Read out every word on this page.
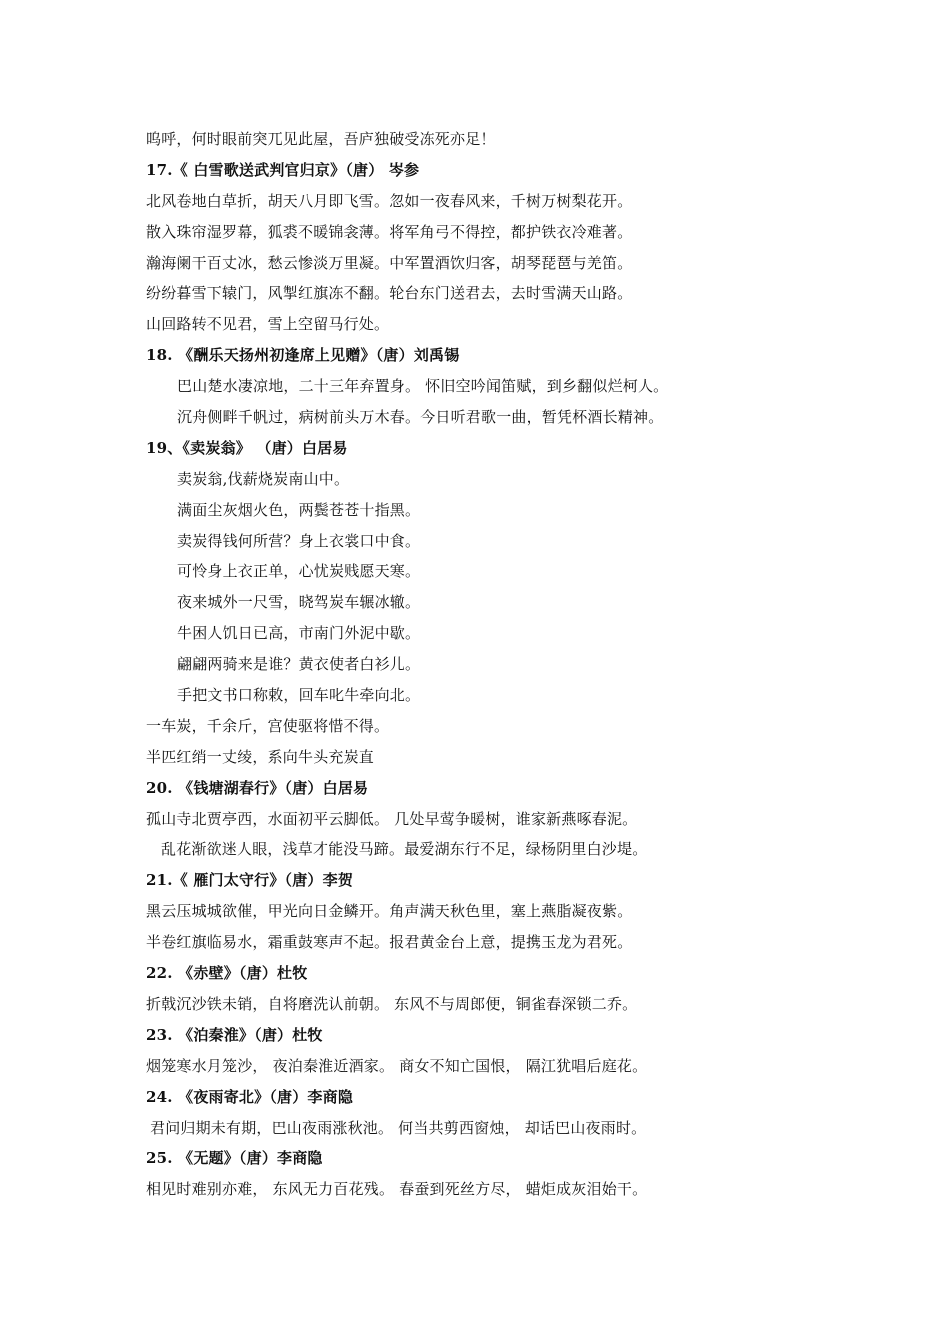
呜呼，何时眼前突兀见此屋，吾庐独破受冻死亦足！
17.《 白雪歌送武判官归京》（唐） 岑参
北风卷地白草折，胡天八月即飞雪。忽如一夜春风来，千树万树梨花开。
散入珠帘湿罗幕，狐裘不暖锦衾薄。将军角弓不得控，都护铁衣冷难著。
瀚海阑干百丈冰，愁云惨淡万里凝。中军置酒饮归客，胡琴琵琶与羌笛。
纷纷暮雪下辕门，风掣红旗冻不翻。轮台东门送君去，去时雪满天山路。
山回路转不见君，雪上空留马行处。
18. 《酬乐天扬州初逢席上见赠》（唐）刘禹锡
巴山楚水凄凉地，二十三年弃置身。 怀旧空吟闻笛赋，到乡翻似烂柯人。
沉舟侧畔千帆过，病树前头万木春。今日听君歌一曲，暂凭杯酒长精神。
19、《卖炭翁》 （唐）白居易
卖炭翁,伐薪烧炭南山中。
满面尘灰烟火色，两鬓苍苍十指黑。
卖炭得钱何所营？身上衣裳口中食。
可怜身上衣正单，心忧炭贱愿天寒。
夜来城外一尺雪，晓驾炭车辗冰辙。
牛困人饥日已高，市南门外泥中歇。
翩翩两骑来是谁？黄衣使者白衫儿。
手把文书口称敕，回车叱牛牵向北。
一车炭，千余斤，宫使驱将惜不得。
半匹红绡一丈绫，系向牛头充炭直
20. 《钱塘湖春行》（唐）白居易
孤山寺北贾亭西，水面初平云脚低。 几处早莺争暖树，谁家新燕啄春泥。
乱花渐欲迷人眼，浅草才能没马蹄。最爱湖东行不足，绿杨阴里白沙堤。
21.《 雁门太守行》（唐）李贺
黑云压城城欲催，甲光向日金鳞开。角声满天秋色里，塞上燕脂凝夜紫。
半卷红旗临易水，霜重鼓寒声不起。报君黄金台上意，提携玉龙为君死。
22. 《赤壁》（唐）杜牧
折戟沉沙铁未销，自将磨洗认前朝。 东风不与周郎便，铜雀春深锁二乔。
23. 《泊秦淮》（唐）杜牧
烟笼寒水月笼沙， 夜泊秦淮近酒家。 商女不知亡国恨， 隔江犹唱后庭花。
24. 《夜雨寄北》（唐）李商隐
君问归期未有期，巴山夜雨涨秋池。 何当共剪西窗烛， 却话巴山夜雨时。
25. 《无题》（唐）李商隐
相见时难别亦难， 东风无力百花残。 春蚕到死丝方尽， 蜡炬成灰泪始干。
